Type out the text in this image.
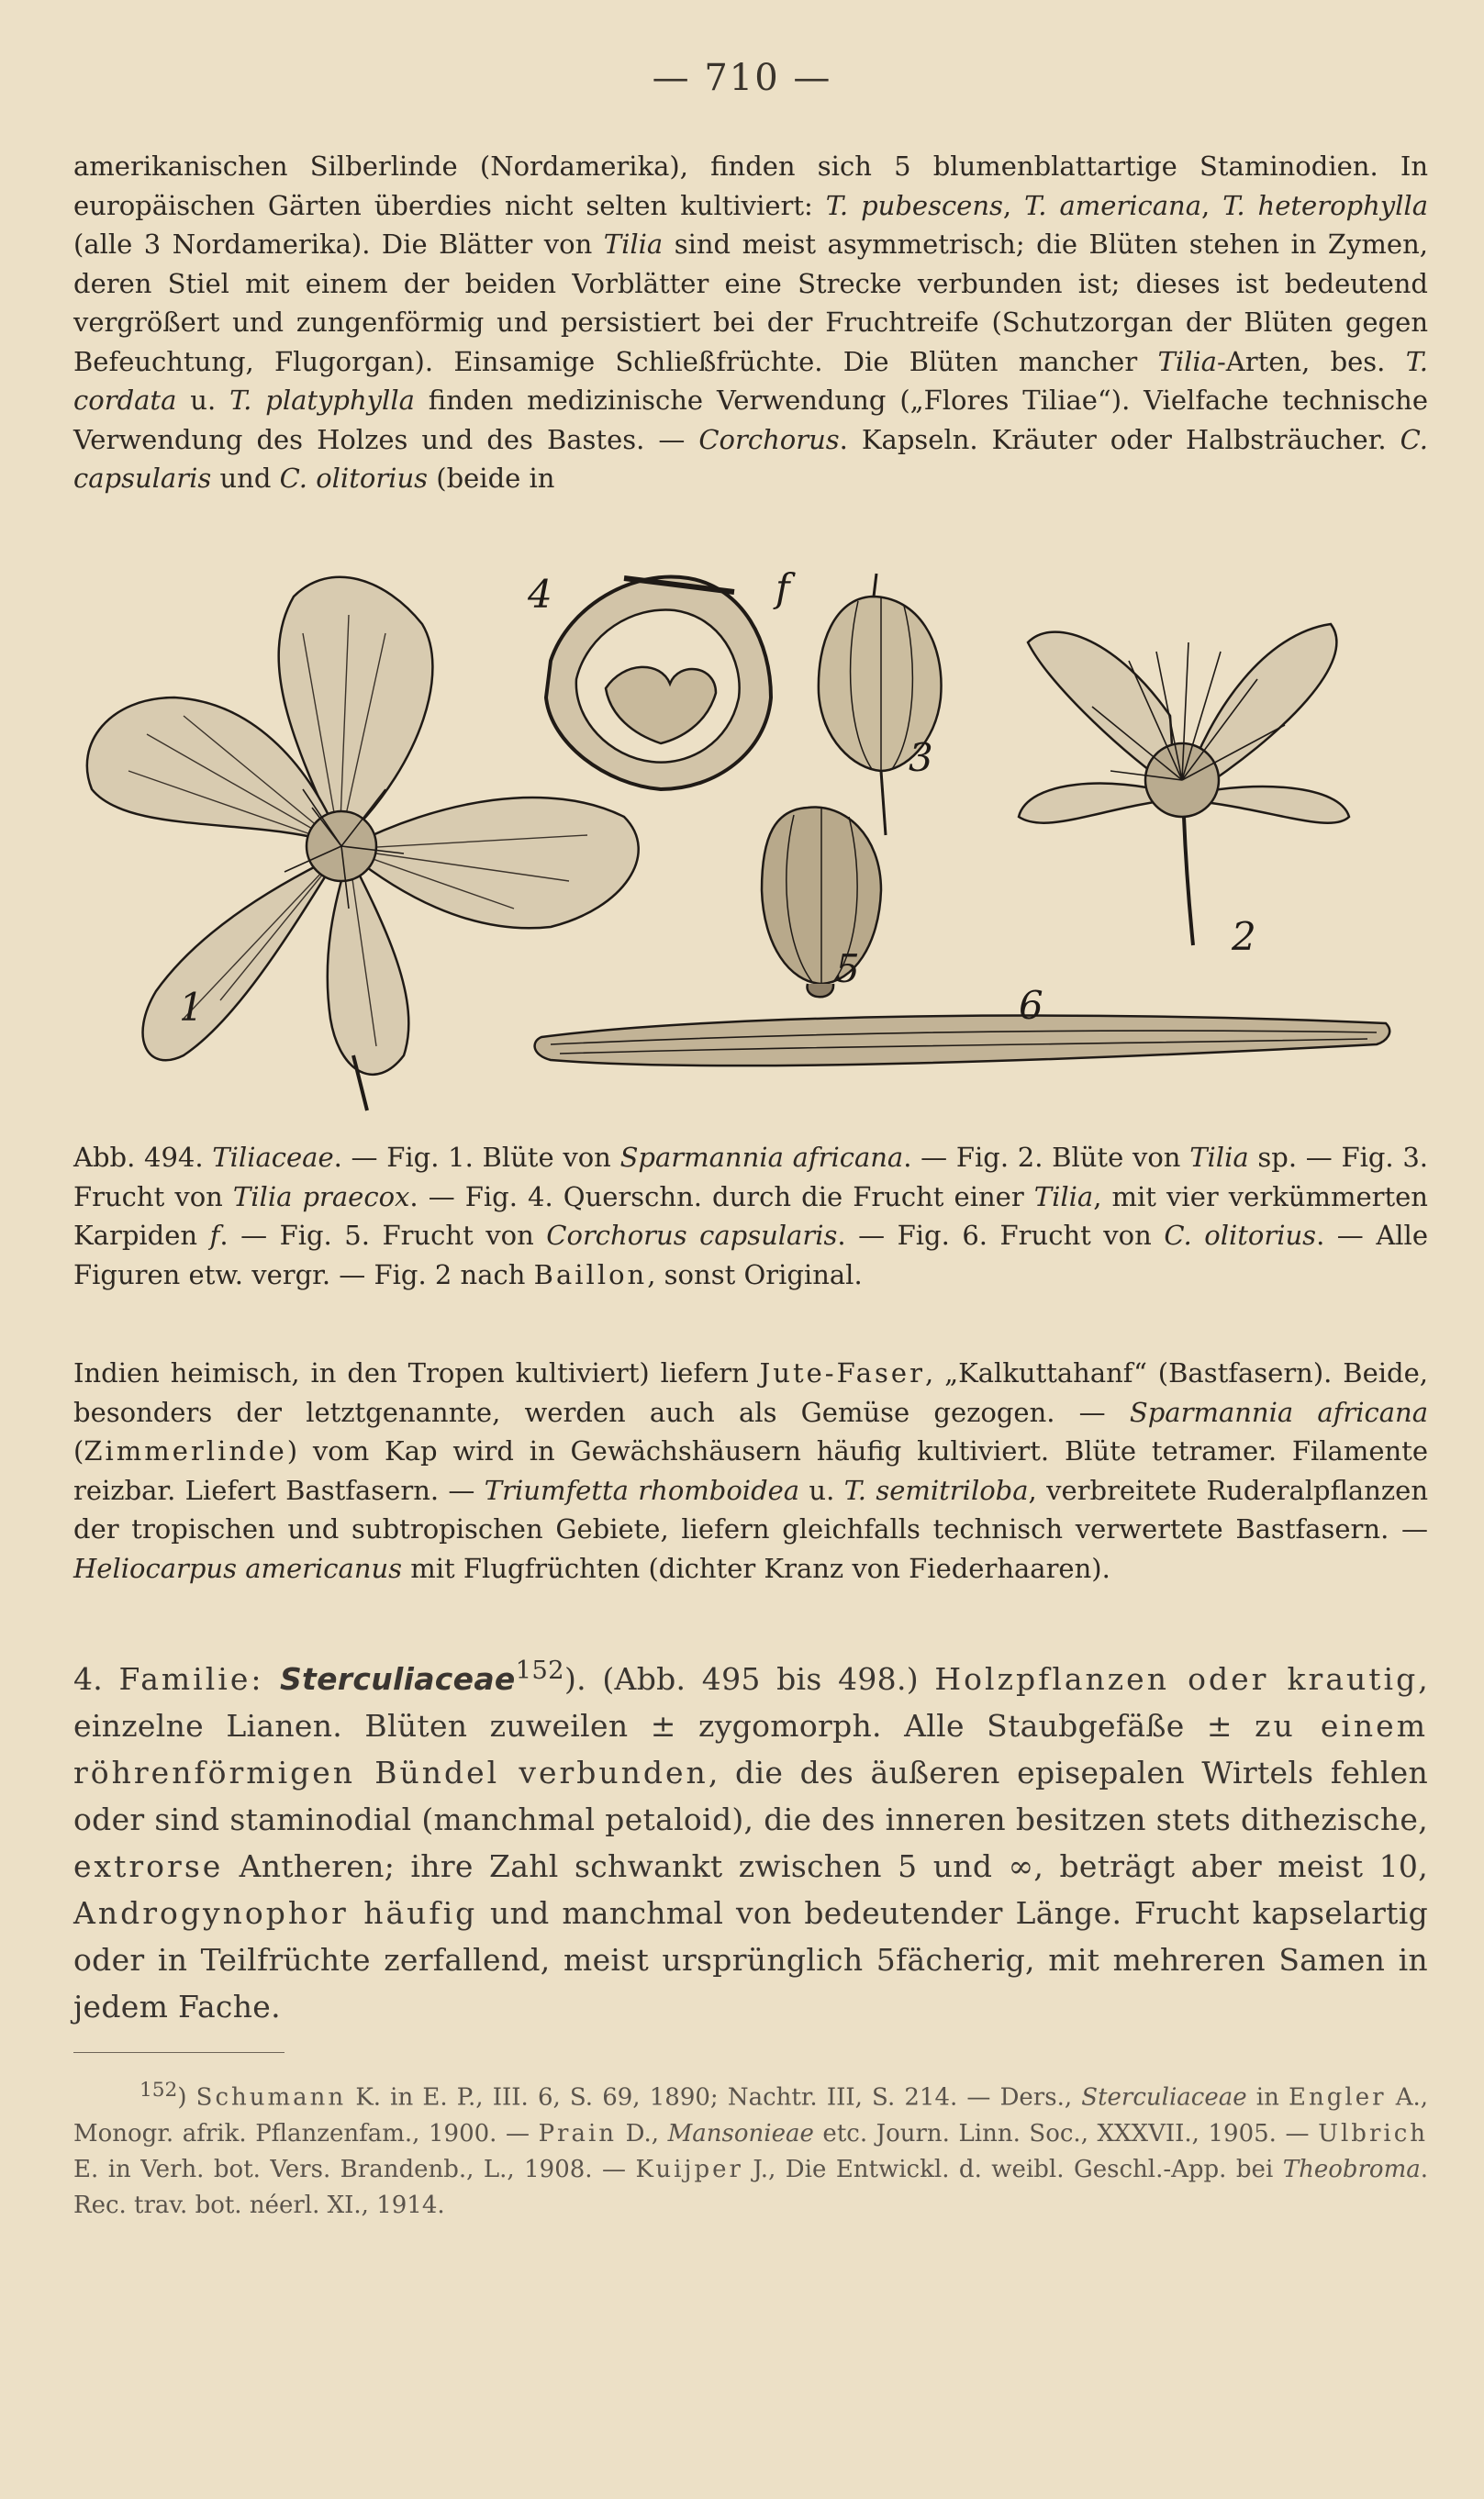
— 710 —

amerikanischen Silberlinde (Nordamerika), finden sich 5 blumenblattartige Staminodien. In europäischen Gärten überdies nicht selten kultiviert: T. pubescens, T. americana, T. heterophylla (alle 3 Nordamerika). Die Blätter von Tilia sind meist asymmetrisch; die Blüten stehen in Zymen, deren Stiel mit einem der beiden Vorblätter eine Strecke verbunden ist; dieses ist bedeutend vergrößert und zungenförmig und persistiert bei der Fruchtreife (Schutzorgan der Blüten gegen Befeuchtung, Flugorgan). Einsamige Schließfrüchte. Die Blüten mancher Tilia-Arten, bes. T. cordata u. T. platyphylla finden medizinische Verwendung („Flores Tiliae“). Vielfache technische Verwendung des Holzes und des Bastes. — Corchorus. Kapseln. Kräuter oder Halbsträucher. C. capsularis und C. olitorius (beide in

1
2
3
4
5
6
f
Abb. 494. Tiliaceae. — Fig. 1. Blüte von Sparmannia africana. — Fig. 2. Blüte von Tilia sp. — Fig. 3. Frucht von Tilia praecox. — Fig. 4. Querschn. durch die Frucht einer Tilia, mit vier verkümmerten Karpiden f. — Fig. 5. Frucht von Corchorus capsularis. — Fig. 6. Frucht von C. olitorius. — Alle Figuren etw. vergr. — Fig. 2 nach Baillon, sonst Original.

Indien heimisch, in den Tropen kultiviert) liefern Jute-Faser, „Kalkuttahanf“ (Bastfasern). Beide, besonders der letztgenannte, werden auch als Gemüse gezogen. — Sparmannia africana (Zimmerlinde) vom Kap wird in Gewächshäusern häufig kultiviert. Blüte tetramer. Filamente reizbar. Liefert Bastfasern. — Triumfetta rhomboidea u. T. semitriloba, verbreitete Ruderalpflanzen der tropischen und subtropischen Gebiete, liefern gleichfalls technisch verwertete Bastfasern. — Heliocarpus americanus mit Flugfrüchten (dichter Kranz von Fiederhaaren).

4. Familie: Sterculiaceae$^{152}$). (Abb. 495 bis 498.) Holzpflanzen oder krautig, einzelne Lianen. Blüten zuweilen ± zygomorph. Alle Staubgefäße ± zu einem röhrenförmigen Bündel verbunden, die des äußeren episepalen Wirtels fehlen oder sind staminodial (manchmal petaloid), die des inneren besitzen stets dithezische, extrorse Antheren; ihre Zahl schwankt zwischen 5 und ∞, beträgt aber meist 10, Androgynophor häufig und manchmal von bedeutender Länge. Frucht kapselartig oder in Teilfrüchte zerfallend, meist ursprünglich 5fächerig, mit mehreren Samen in jedem Fache.

$^{152}$) Schumann K. in E. P., III. 6, S. 69, 1890; Nachtr. III, S. 214. — Ders., Sterculiaceae in Engler A., Monogr. afrik. Pflanzenfam., 1900. — Prain D., Mansonieae etc. Journ. Linn. Soc., XXXVII., 1905. — Ulbrich E. in Verh. bot. Vers. Brandenb., L., 1908. — Kuijper J., Die Entwickl. d. weibl. Geschl.-App. bei Theobroma. Rec. trav. bot. néerl. XI., 1914.
